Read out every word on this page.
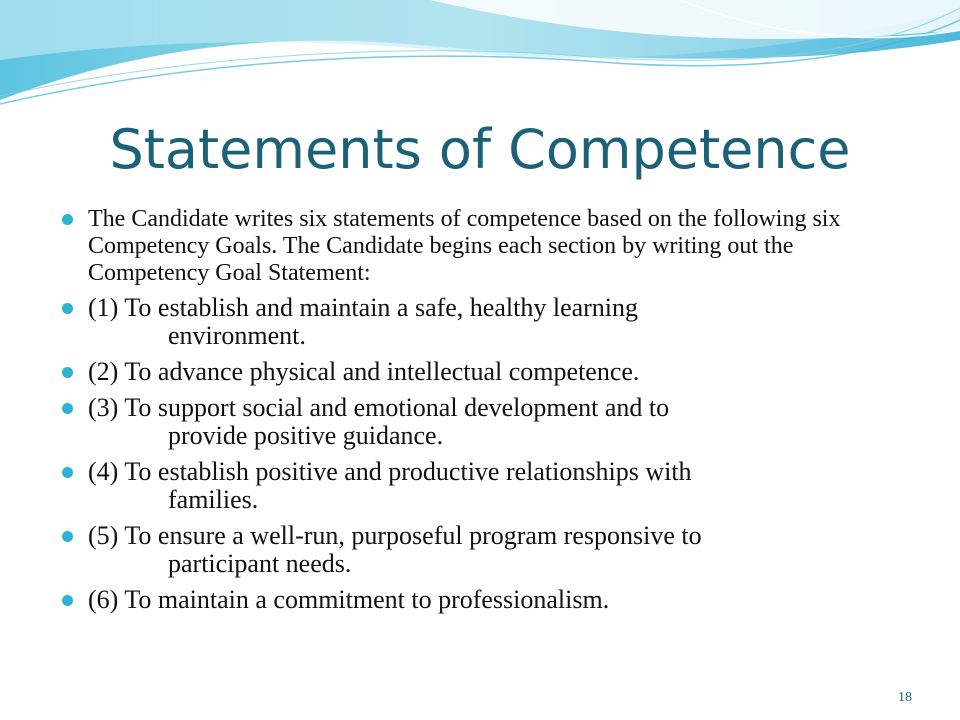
Statements of Competence
The Candidate writes six statements of competence based on the following six Competency Goals. The Candidate begins each section by writing out the Competency Goal Statement:
(1) To establish and maintain a safe, healthy learning
environment.
(2) To advance physical and intellectual competence.
(3) To support social and emotional development and to
provide positive guidance.
(4) To establish positive and productive relationships with
families.
(5) To ensure a well-run, purposeful program responsive to
participant needs.
(6) To maintain a commitment to professionalism.
18
